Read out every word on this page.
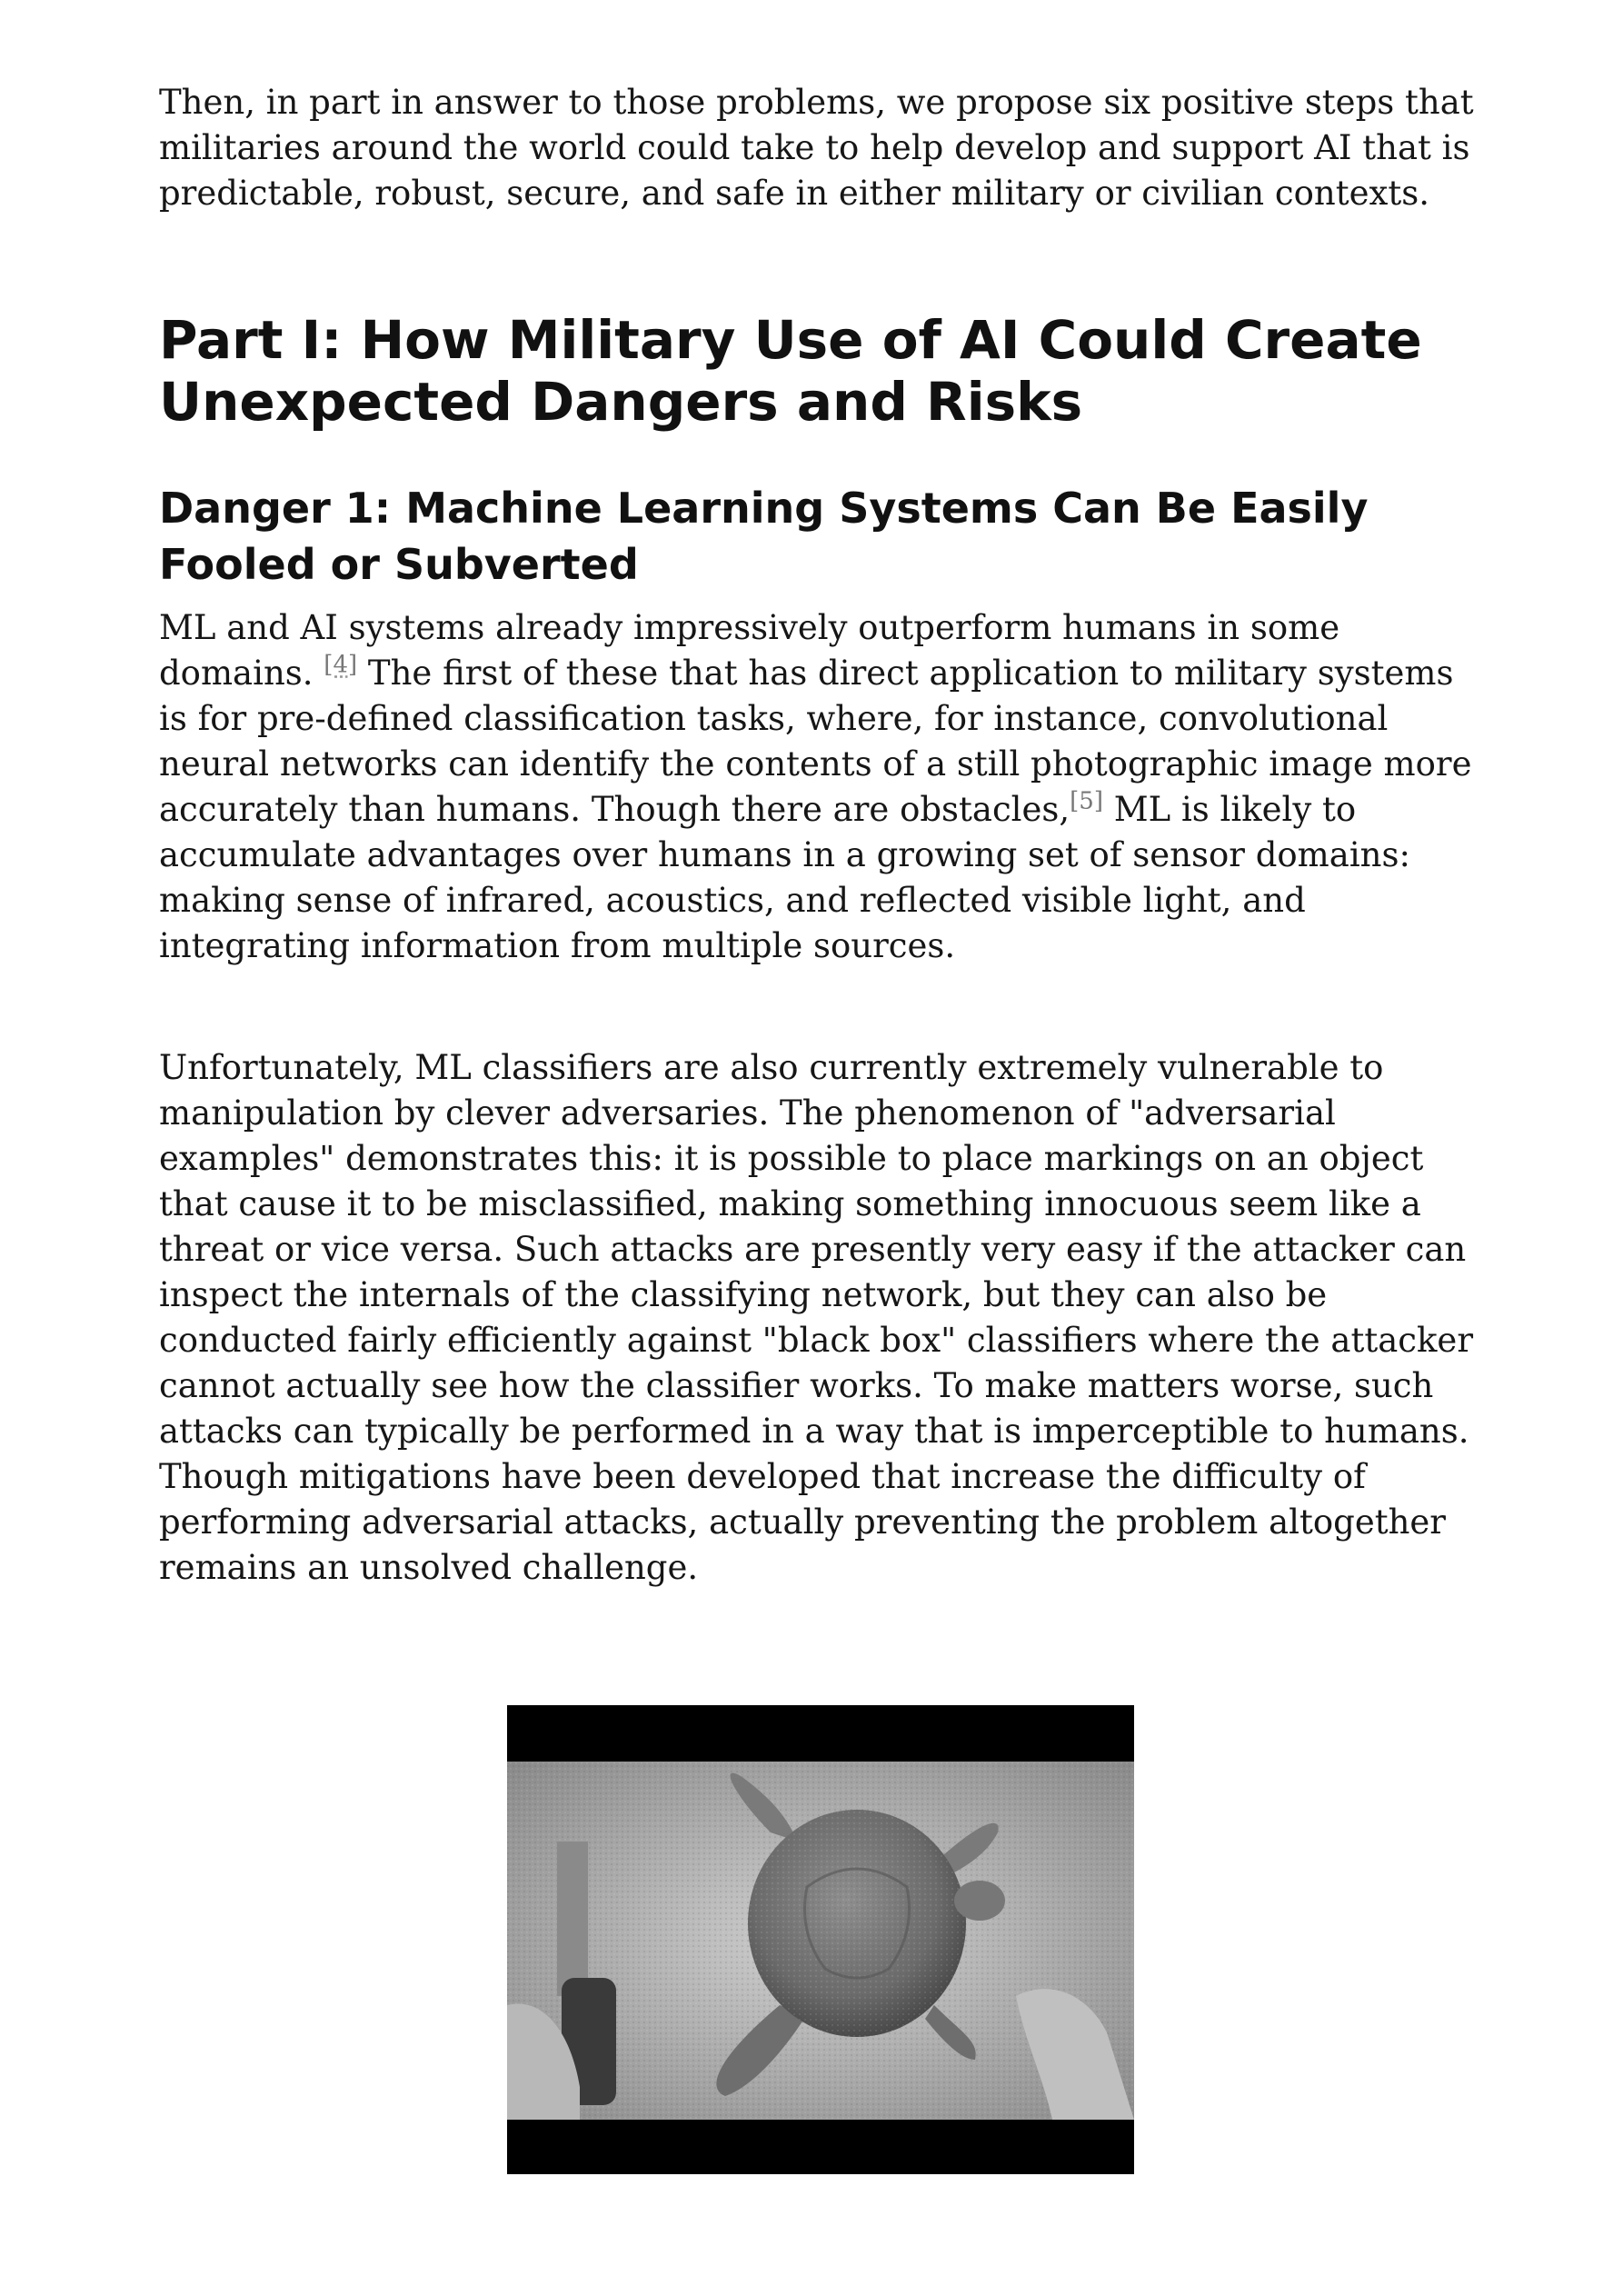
Then, in part in answer to those problems, we propose six positive steps that militaries around the world could take to help develop and support AI that is predictable, robust, secure, and safe in either military or civilian contexts.

Part I: How Military Use of AI Could Create Unexpected Dangers and Risks
Danger 1: Machine Learning Systems Can Be Easily Fooled or Subverted

ML and AI systems already impressively outperform humans in some domains. [4] The first of these that has direct application to military systems is for pre-defined classification tasks, where, for instance, convolutional neural networks can identify the contents of a still photographic image more accurately than humans. Though there are obstacles,[5] ML is likely to accumulate advantages over humans in a growing set of sensor domains: making sense of infrared, acoustics, and reflected visible light, and integrating information from multiple sources.

Unfortunately, ML classifiers are also currently extremely vulnerable to manipulation by clever adversaries. The phenomenon of "adversarial examples" demonstrates this: it is possible to place markings on an object that cause it to be misclassified, making something innocuous seem like a threat or vice versa. Such attacks are presently very easy if the attacker can inspect the internals of the classifying network, but they can also be conducted fairly efficiently against "black box" classifiers where the attacker cannot actually see how the classifier works. To make matters worse, such attacks can typically be performed in a way that is imperceptible to humans. Though mitigations have been developed that increase the difficulty of performing adversarial attacks, actually preventing the problem altogether remains an unsolved challenge.
